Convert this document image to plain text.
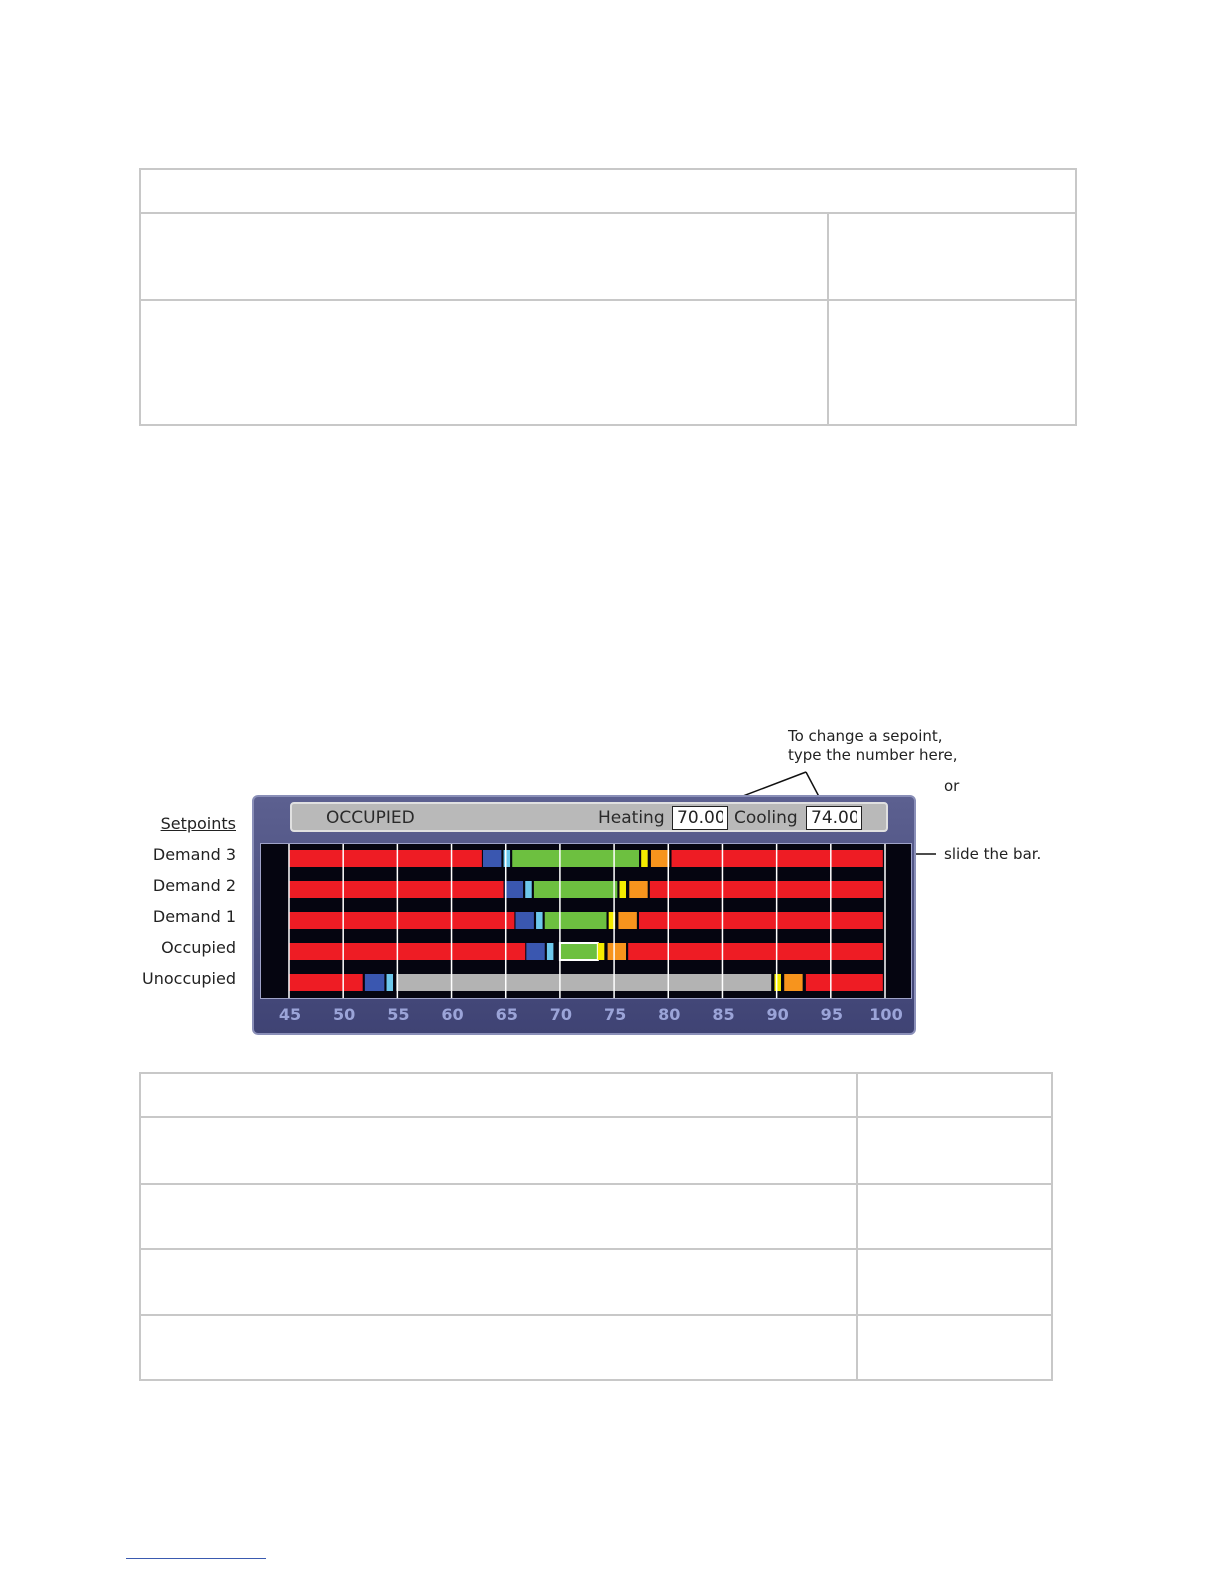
To change a sepoint,
type the number here,
or
slide the bar.
Setpoints
Demand 3
Demand 2
Demand 1
Occupied
Unoccupied
OCCUPIED	Heating
70.00	Cooling
74.00
45 50 55 60 65 70 75 80 85 90 95 100
